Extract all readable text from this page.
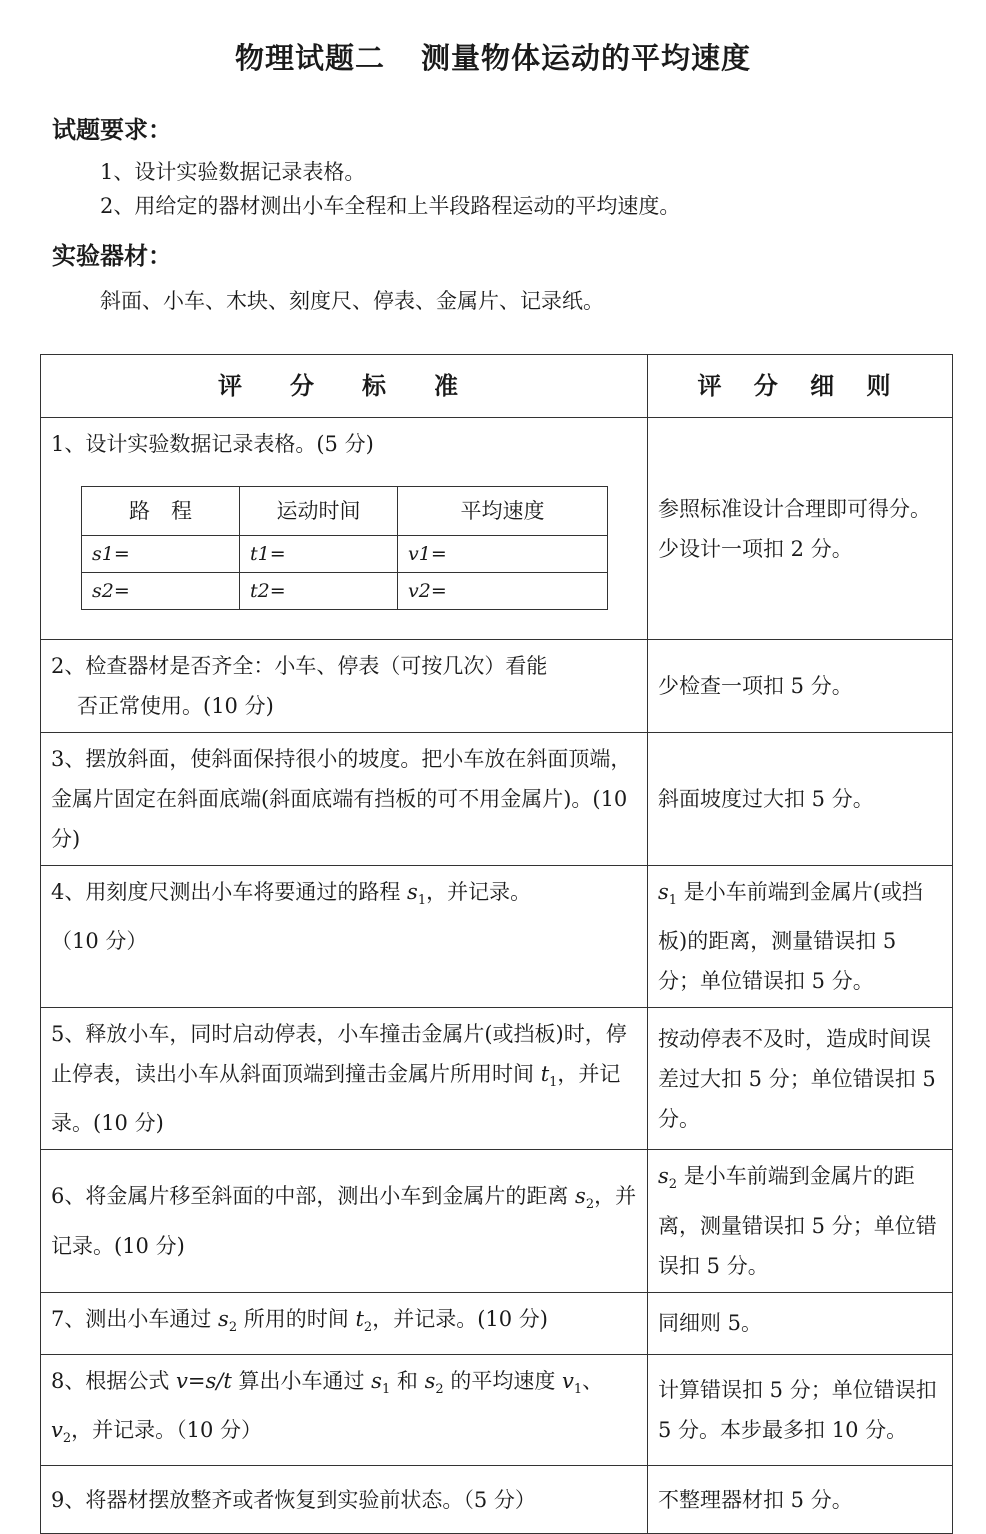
物理试题二 测量物体运动的平均速度
试题要求：
1、设计实验数据记录表格。
2、用给定的器材测出小车全程和上半段路程运动的平均速度。
实验器材：
斜面、小车、木块、刻度尺、停表、金属片、记录纸。
评　分　标　准	评 分 细 则
1、设计实验数据记录表格。(5 分)
路　程	运动时间	平均速度
s1=	t1=	v1=
s2=	t2=	v2=
	参照标准设计合理即可得分。少设计一项扣 2 分。
2、检查器材是否齐全：小车、停表（可按几次）看能

否正常使用。(10 分)
	少检查一项扣 5 分。
3、摆放斜面，使斜面保持很小的坡度。把小车放在斜面顶端，金属片固定在斜面底端(斜面底端有挡板的可不用金属片)。(10 分)	斜面坡度过大扣 5 分。
4、用刻度尺测出小车将要通过的路程 $s_1$，并记录。
（10 分）	$s_1$ 是小车前端到金属片(或挡板)的距离，测量错误扣 5 分；单位错误扣 5 分。
5、释放小车，同时启动停表，小车撞击金属片(或挡板)时，停止停表，读出小车从斜面顶端到撞击金属片所用时间 $t_1$，并记录。(10 分)	按动停表不及时，造成时间误差过大扣 5 分；单位错误扣 5 分。
6、将金属片移至斜面的中部，测出小车到金属片的距离 $s_2$，并记录。(10 分)	$s_2$ 是小车前端到金属片的距离，测量错误扣 5 分；单位错误扣 5 分。
7、测出小车通过 $s_2$ 所用的时间 $t_2$，并记录。(10 分)	同细则 5。
8、根据公式 v=s/t 算出小车通过 $s_1$ 和 $s_2$ 的平均速度 $v_1$、$v_2$，并记录。（10 分）	计算错误扣 5 分；单位错误扣 5 分。本步最多扣 10 分。
9、将器材摆放整齐或者恢复到实验前状态。（5 分）	不整理器材扣 5 分。
